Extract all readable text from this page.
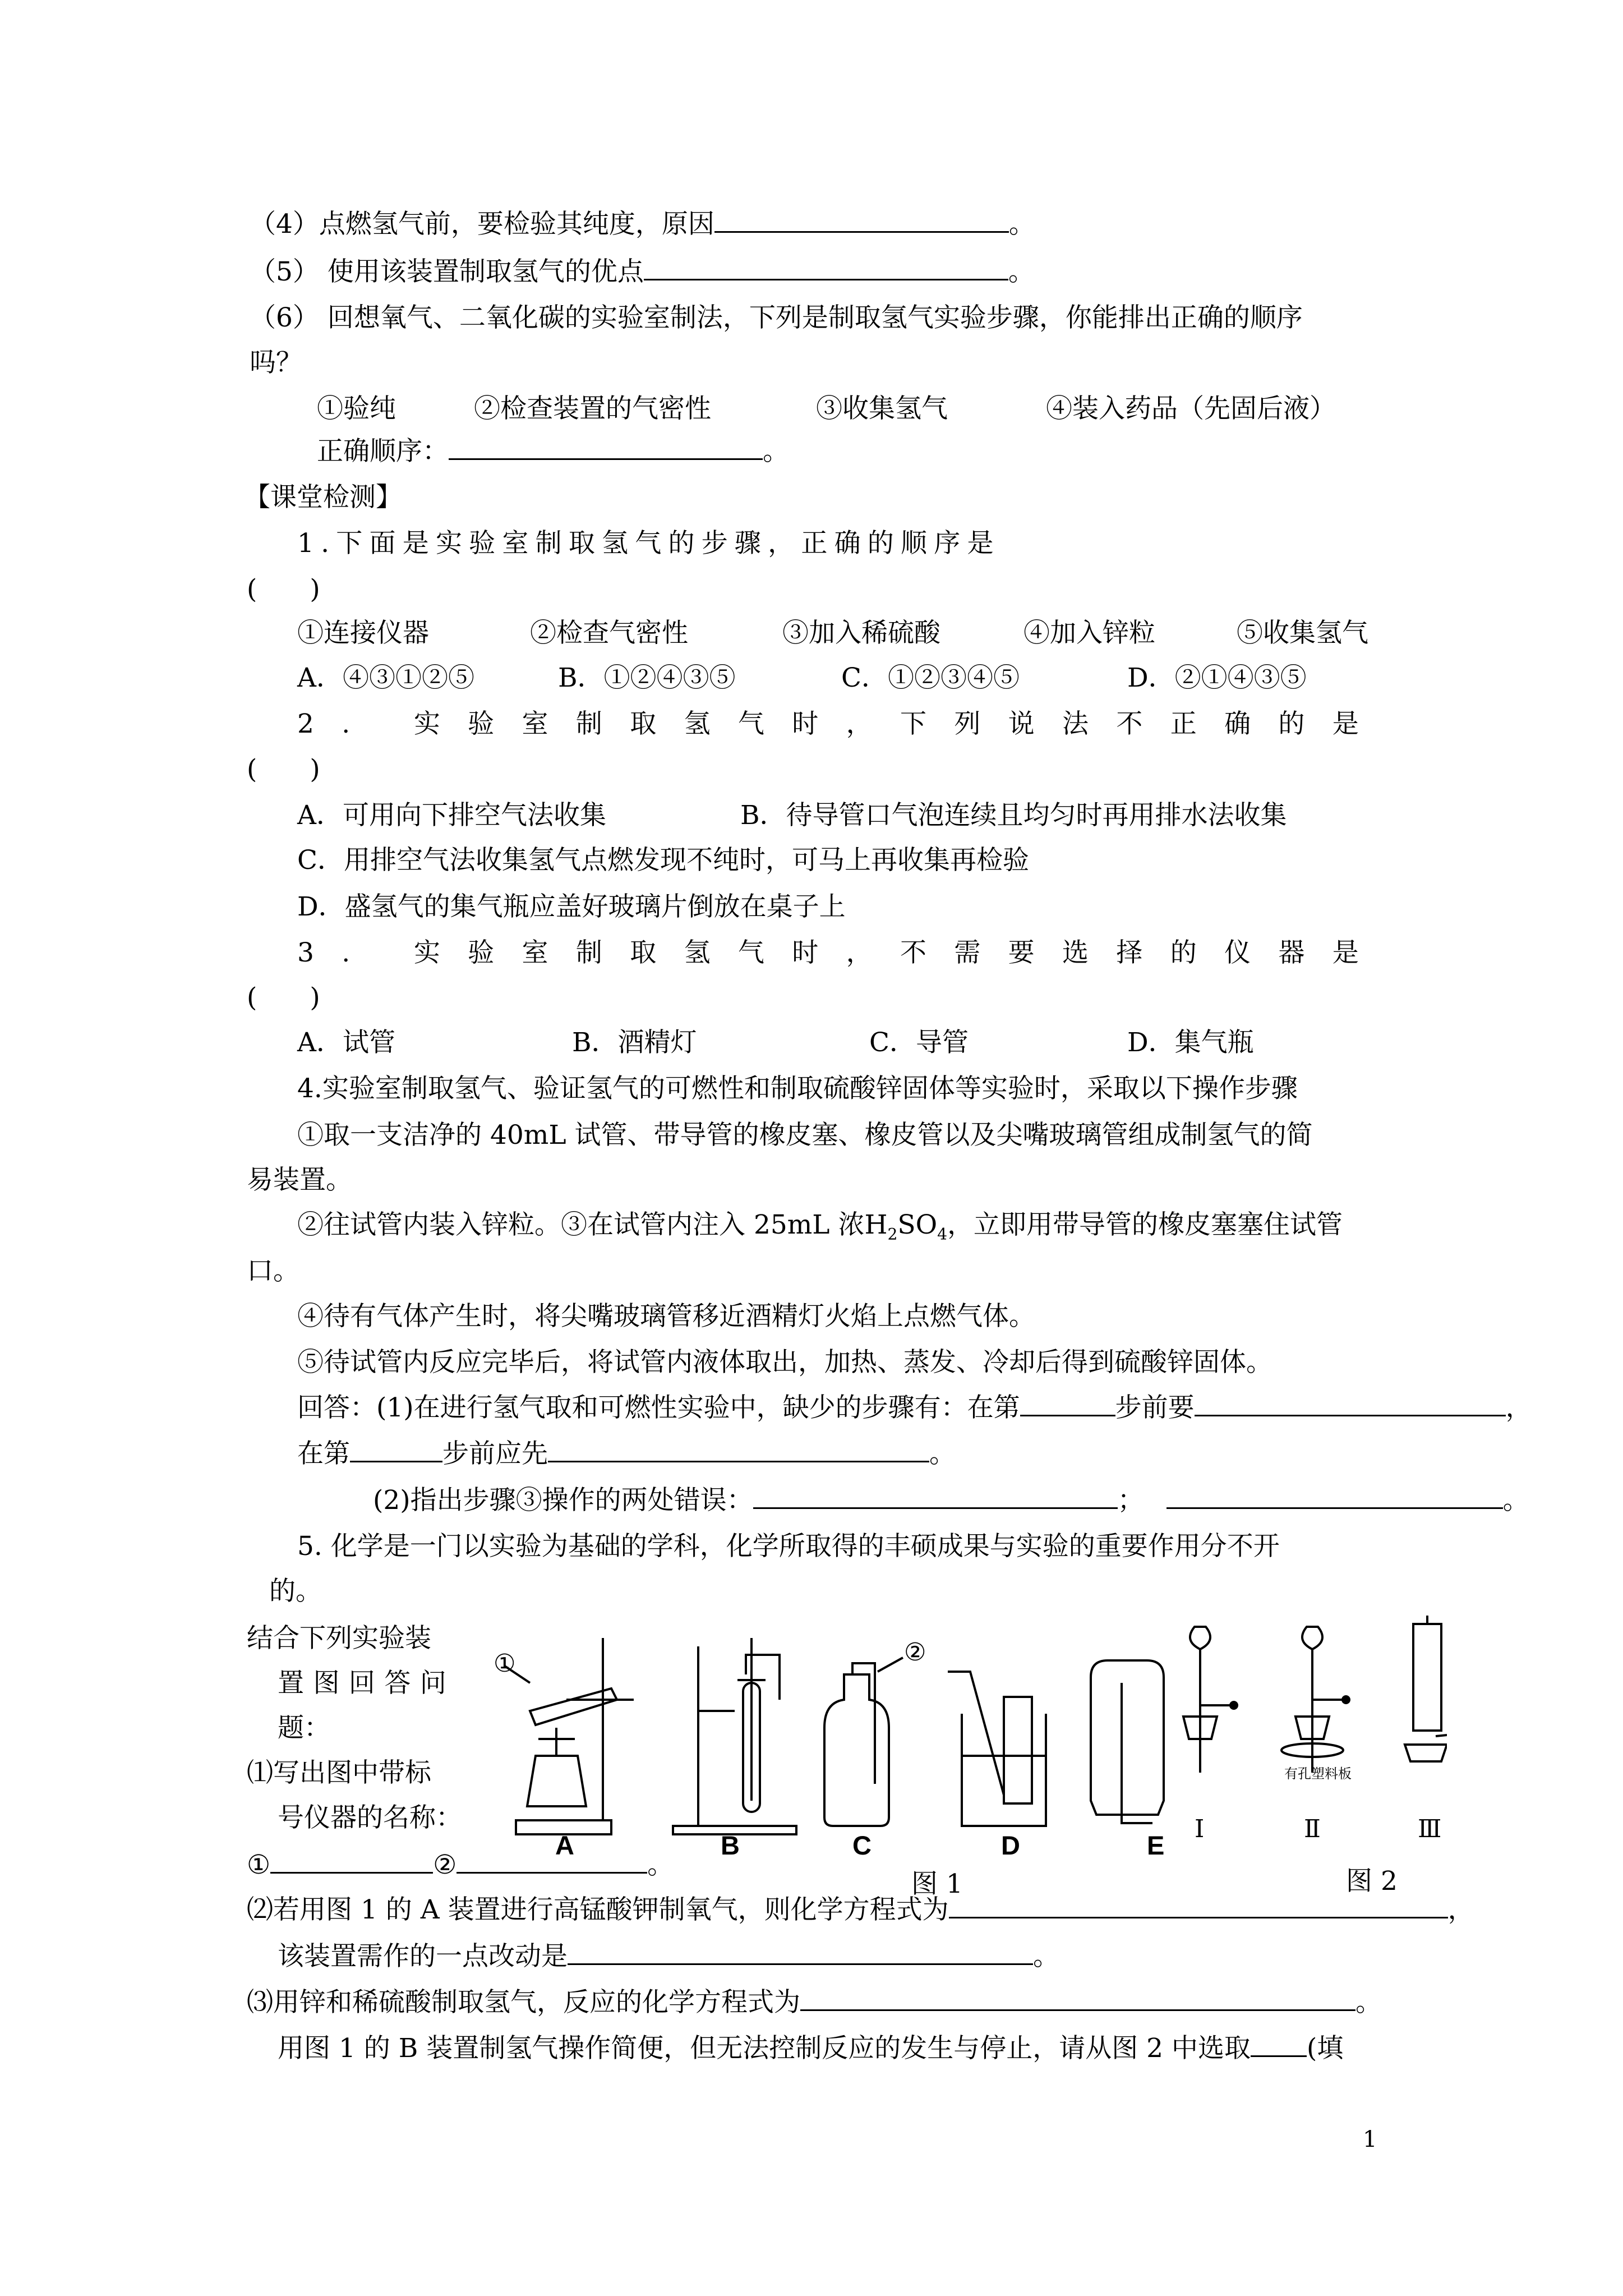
（4）点燃氢气前，要检验其纯度，原因	。
（5） 使用该装置制取氢气的优点	。
（6） 回想氧气、二氧化碳的实验室制法，下列是制取氢气实验步骤，你能排出正确的顺序
吗？
①验纯	②检查装置的气密性	③收集氢气	④装入药品（先固后液）
正确顺序：	。
【课堂检测】
1.下面是实验室制取氢气的步骤，正确的顺序是
(　　)
①连接仪器	②检查气密性	③加入稀硫酸	④加入锌粒	⑤收集氢气
A．④③①②⑤	B．①②④③⑤	C．①②③④⑤	D．②①④③⑤
2. 实验室制取氢气时，下列说法不正确的是
(　　)
A．可用向下排空气法收集	B．待导管口气泡连续且均匀时再用排水法收集
C．用排空气法收集氢气点燃发现不纯时，可马上再收集再检验
D．盛氢气的集气瓶应盖好玻璃片倒放在桌子上
3. 实验室制取氢气时，不需要选择的仪器是
(　　)
A．试管	B．酒精灯	C．导管	D．集气瓶
4.实验室制取氢气、验证氢气的可燃性和制取硫酸锌固体等实验时，采取以下操作步骤
①取一支洁净的 40mL 试管、带导管的橡皮塞、橡皮管以及尖嘴玻璃管组成制氢气的简
易装置。
②往试管内装入锌粒。③在试管内注入 25mL 浓$H_2SO_4$，立即用带导管的橡皮塞塞住试管
口。
④待有气体产生时，将尖嘴玻璃管移近酒精灯火焰上点燃气体。
⑤待试管内反应完毕后，将试管内液体取出，加热、蒸发、冷却后得到硫酸锌固体。
回答：(1)在进行氢气取和可燃性实验中，缺少的步骤有：在第	步前要	，
在第	步前应先	。
(2)指出步骤③操作的两处错误：	；	。
5. 化学是一门以实验为基础的学科，化学所取得的丰硕成果与实验的重要作用分不开
的。
结合下列实验装
置图回答问
题：
⑴写出图中带标
号仪器的名称：
①	②	。
①	②
有孔塑料板
Ⅰ	Ⅱ	Ⅲ
A	B	C	D	E
图 1	图 2
⑵若用图 1 的 A 装置进行高锰酸钾制氧气，则化学方程式为	，
该装置需作的一点改动是	。
⑶用锌和稀硫酸制取氢气，反应的化学方程式为	。
用图 1 的 B 装置制氢气操作简便，但无法控制反应的发生与停止，请从图 2 中选取 (填
1
